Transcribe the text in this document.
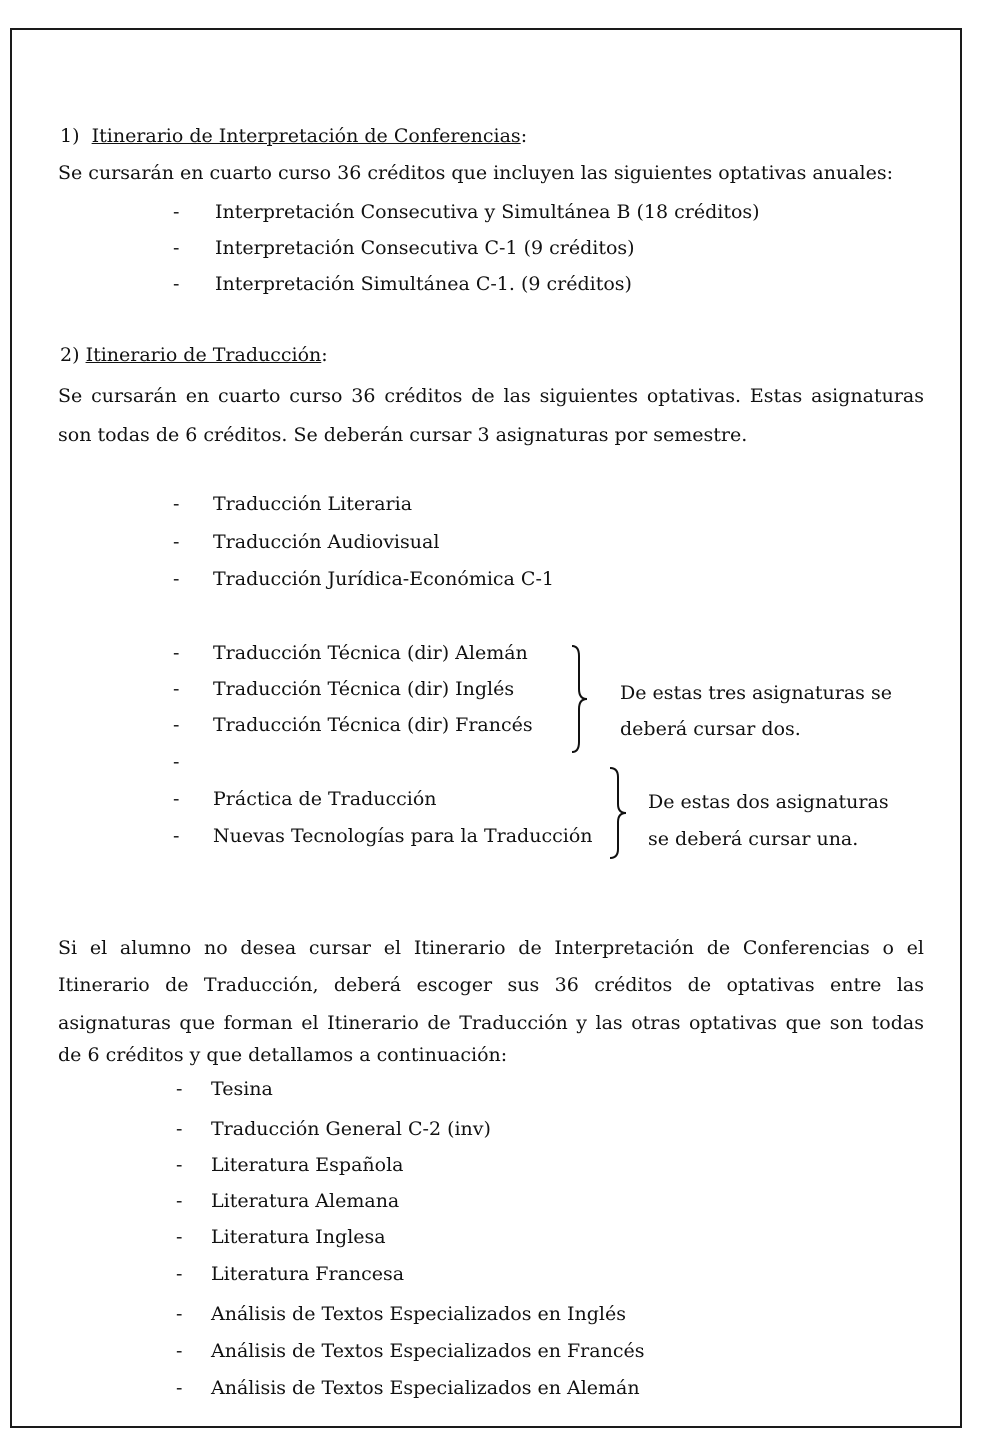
1) Itinerario de Interpretación de Conferencias:
Se cursarán en cuarto curso 36 créditos que incluyen las siguientes optativas anuales:
- Interpretación Consecutiva y Simultánea B (18 créditos)
- Interpretación Consecutiva C-1 (9 créditos)
- Interpretación Simultánea C-1. (9 créditos)
2) Itinerario de Traducción:
Se cursarán en cuarto curso 36 créditos de las siguientes optativas. Estas asignaturas
son todas de 6 créditos. Se deberán cursar 3 asignaturas por semestre.
- Traducción Literaria
- Traducción Audiovisual
- Traducción Jurídica-Económica C-1
- Traducción Técnica (dir) Alemán
- Traducción Técnica (dir) Inglés
- Traducción Técnica (dir) Francés
De estas tres asignaturas se
deberá cursar dos.
-
- Práctica de Traducción
- Nuevas Tecnologías para la Traducción
De estas dos asignaturas
se deberá cursar una.
Si el alumno no desea cursar el Itinerario de Interpretación de Conferencias o el
Itinerario de Traducción, deberá escoger sus 36 créditos de optativas entre las
asignaturas que forman el Itinerario de Traducción y las otras optativas que son todas
de 6 créditos y que detallamos a continuación:
- Tesina
- Traducción General C-2 (inv)
- Literatura Española
- Literatura Alemana
- Literatura Inglesa
- Literatura Francesa
- Análisis de Textos Especializados en Inglés
- Análisis de Textos Especializados en Francés
- Análisis de Textos Especializados en Alemán
